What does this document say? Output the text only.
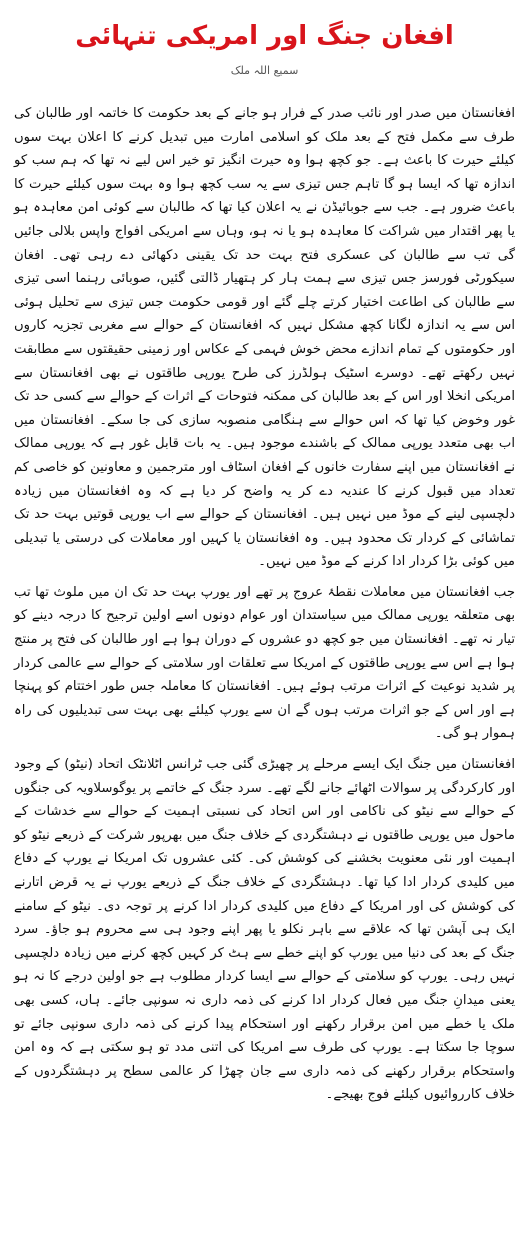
افغان جنگ اور امریکی تنہائی
سمیع اللہ ملک

افغانستان میں صدر اور نائب صدر کے فرار ہو جانے کے بعد حکومت کا خاتمہ اور طالبان کی طرف سے مکمل فتح کے بعد ملک کو اسلامی امارت میں تبدیل کرنے کا اعلان بہت سوں کیلئے حیرت کا باعث ہے۔ جو کچھ ہوا وہ حیرت انگیز تو خیر اس لیے نہ تھا کہ ہم سب کو اندازہ تھا کہ ایسا ہو گا تاہم جس تیزی سے یہ سب کچھ ہوا وہ بہت سوں کیلئے حیرت کا باعث ضرور ہے۔ جب سے جوبائیڈن نے یہ اعلان کیا تھا کہ طالبان سے کوئی امن معاہدہ ہو یا پھر اقتدار میں شراکت کا معاہدہ ہو یا نہ ہو، وہاں سے امریکی افواج واپس بلالی جائیں گی تب سے طالبان کی عسکری فتح بہت حد تک یقینی دکھائی دے رہی تھی۔ افغان سیکورٹی فورسز جس تیزی سے ہمت ہار کر ہتھیار ڈالتی گئیں، صوبائی رہنما اسی تیزی سے طالبان کی اطاعت اختیار کرتے چلے گئے اور قومی حکومت جس تیزی سے تحلیل ہوئی اس سے یہ اندازہ لگانا کچھ مشکل نہیں کہ افغانستان کے حوالے سے مغربی تجزیہ کاروں اور حکومتوں کے تمام اندازے محض خوش فہمی کے عکاس اور زمینی حقیقتوں سے مطابقت نہیں رکھتے تھے۔ دوسرے اسٹیک ہولڈرز کی طرح یورپی طاقتوں نے بھی افغانستان سے امریکی انخلا اور اس کے بعد طالبان کی ممکنہ فتوحات کے اثرات کے حوالے سے کسی حد تک غور وخوض کیا تھا کہ اس حوالے سے ہنگامی منصوبہ سازی کی جا سکے۔ افغانستان میں اب بھی متعدد یورپی ممالک کے باشندے موجود ہیں۔ یہ بات قابل غور ہے کہ یورپی ممالک نے افغانستان میں اپنے سفارت خانوں کے افغان اسٹاف اور مترجمین و معاونین کو خاصی کم تعداد میں قبول کرنے کا عندیہ دے کر یہ واضح کر دیا ہے کہ وہ افغانستان میں زیادہ دلچسپی لینے کے موڈ میں نہیں ہیں۔ افغانستان کے حوالے سے اب یورپی قوتیں بہت حد تک تماشائی کے کردار تک محدود ہیں۔ وہ افغانستان یا کہیں اور معاملات کی درستی یا تبدیلی میں کوئی بڑا کردار ادا کرنے کے موڈ میں نہیں۔

جب افغانستان میں معاملات نقطۂ عروج پر تھے اور یورپ بہت حد تک ان میں ملوث تھا تب بھی متعلقہ یورپی ممالک میں سیاستدان اور عوام دونوں اسے اولین ترجیح کا درجہ دینے کو تیار نہ تھے۔ افغانستان میں جو کچھ دو عشروں کے دوران ہوا ہے اور طالبان کی فتح پر منتج ہوا ہے اس سے یورپی طاقتوں کے امریکا سے تعلقات اور سلامتی کے حوالے سے عالمی کردار پر شدید نوعیت کے اثرات مرتب ہوئے ہیں۔ افغانستان کا معاملہ جس طور اختتام کو پہنچا ہے اور اس کے جو اثرات مرتب ہوں گے ان سے یورپ کیلئے بھی بہت سی تبدیلیوں کی راہ ہموار ہو گی۔

افغانستان میں جنگ ایک ایسے مرحلے پر چھیڑی گئی جب ٹرانس اٹلانٹک اتحاد (نیٹو) کے وجود اور کارکردگی پر سوالات اٹھائے جانے لگے تھے۔ سرد جنگ کے خاتمے پر یوگوسلاویہ کی جنگوں کے حوالے سے نیٹو کی ناکامی اور اس اتحاد کی نسبتی اہمیت کے حوالے سے خدشات کے ماحول میں یورپی طاقتوں نے دہشتگردی کے خلاف جنگ میں بھرپور شرکت کے ذریعے نیٹو کو اہمیت اور نئی معنویت بخشنے کی کوشش کی۔ کئی عشروں تک امریکا نے یورپ کے دفاع میں کلیدی کردار ادا کیا تھا۔ دہشتگردی کے خلاف جنگ کے ذریعے یورپ نے یہ قرض اتارنے کی کوشش کی اور امریکا کے دفاع میں کلیدی کردار ادا کرنے پر توجہ دی۔ نیٹو کے سامنے ایک ہی آپشن تھا کہ علاقے سے باہر نکلو یا پھر اپنے وجود ہی سے محروم ہو جاؤ۔ سرد جنگ کے بعد کی دنیا میں یورپ کو اپنے خطے سے ہٹ کر کہیں کچھ کرنے میں زیادہ دلچسپی نہیں رہی۔ یورپ کو سلامتی کے حوالے سے ایسا کردار مطلوب ہے جو اولین درجے کا نہ ہو یعنی میدانِ جنگ میں فعال کردار ادا کرنے کی ذمہ داری نہ سونپی جائے۔ ہاں، کسی بھی ملک یا خطے میں امن برقرار رکھنے اور استحکام پیدا کرنے کی ذمہ داری سونپی جائے تو سوچا جا سکتا ہے۔ یورپ کی طرف سے امریکا کی اتنی مدد تو ہو سکتی ہے کہ وہ امن واستحکام برقرار رکھنے کی ذمہ داری سے جان چھڑا کر عالمی سطح پر دہشتگردوں کے خلاف کارروائیوں کیلئے فوج بھیجے۔
